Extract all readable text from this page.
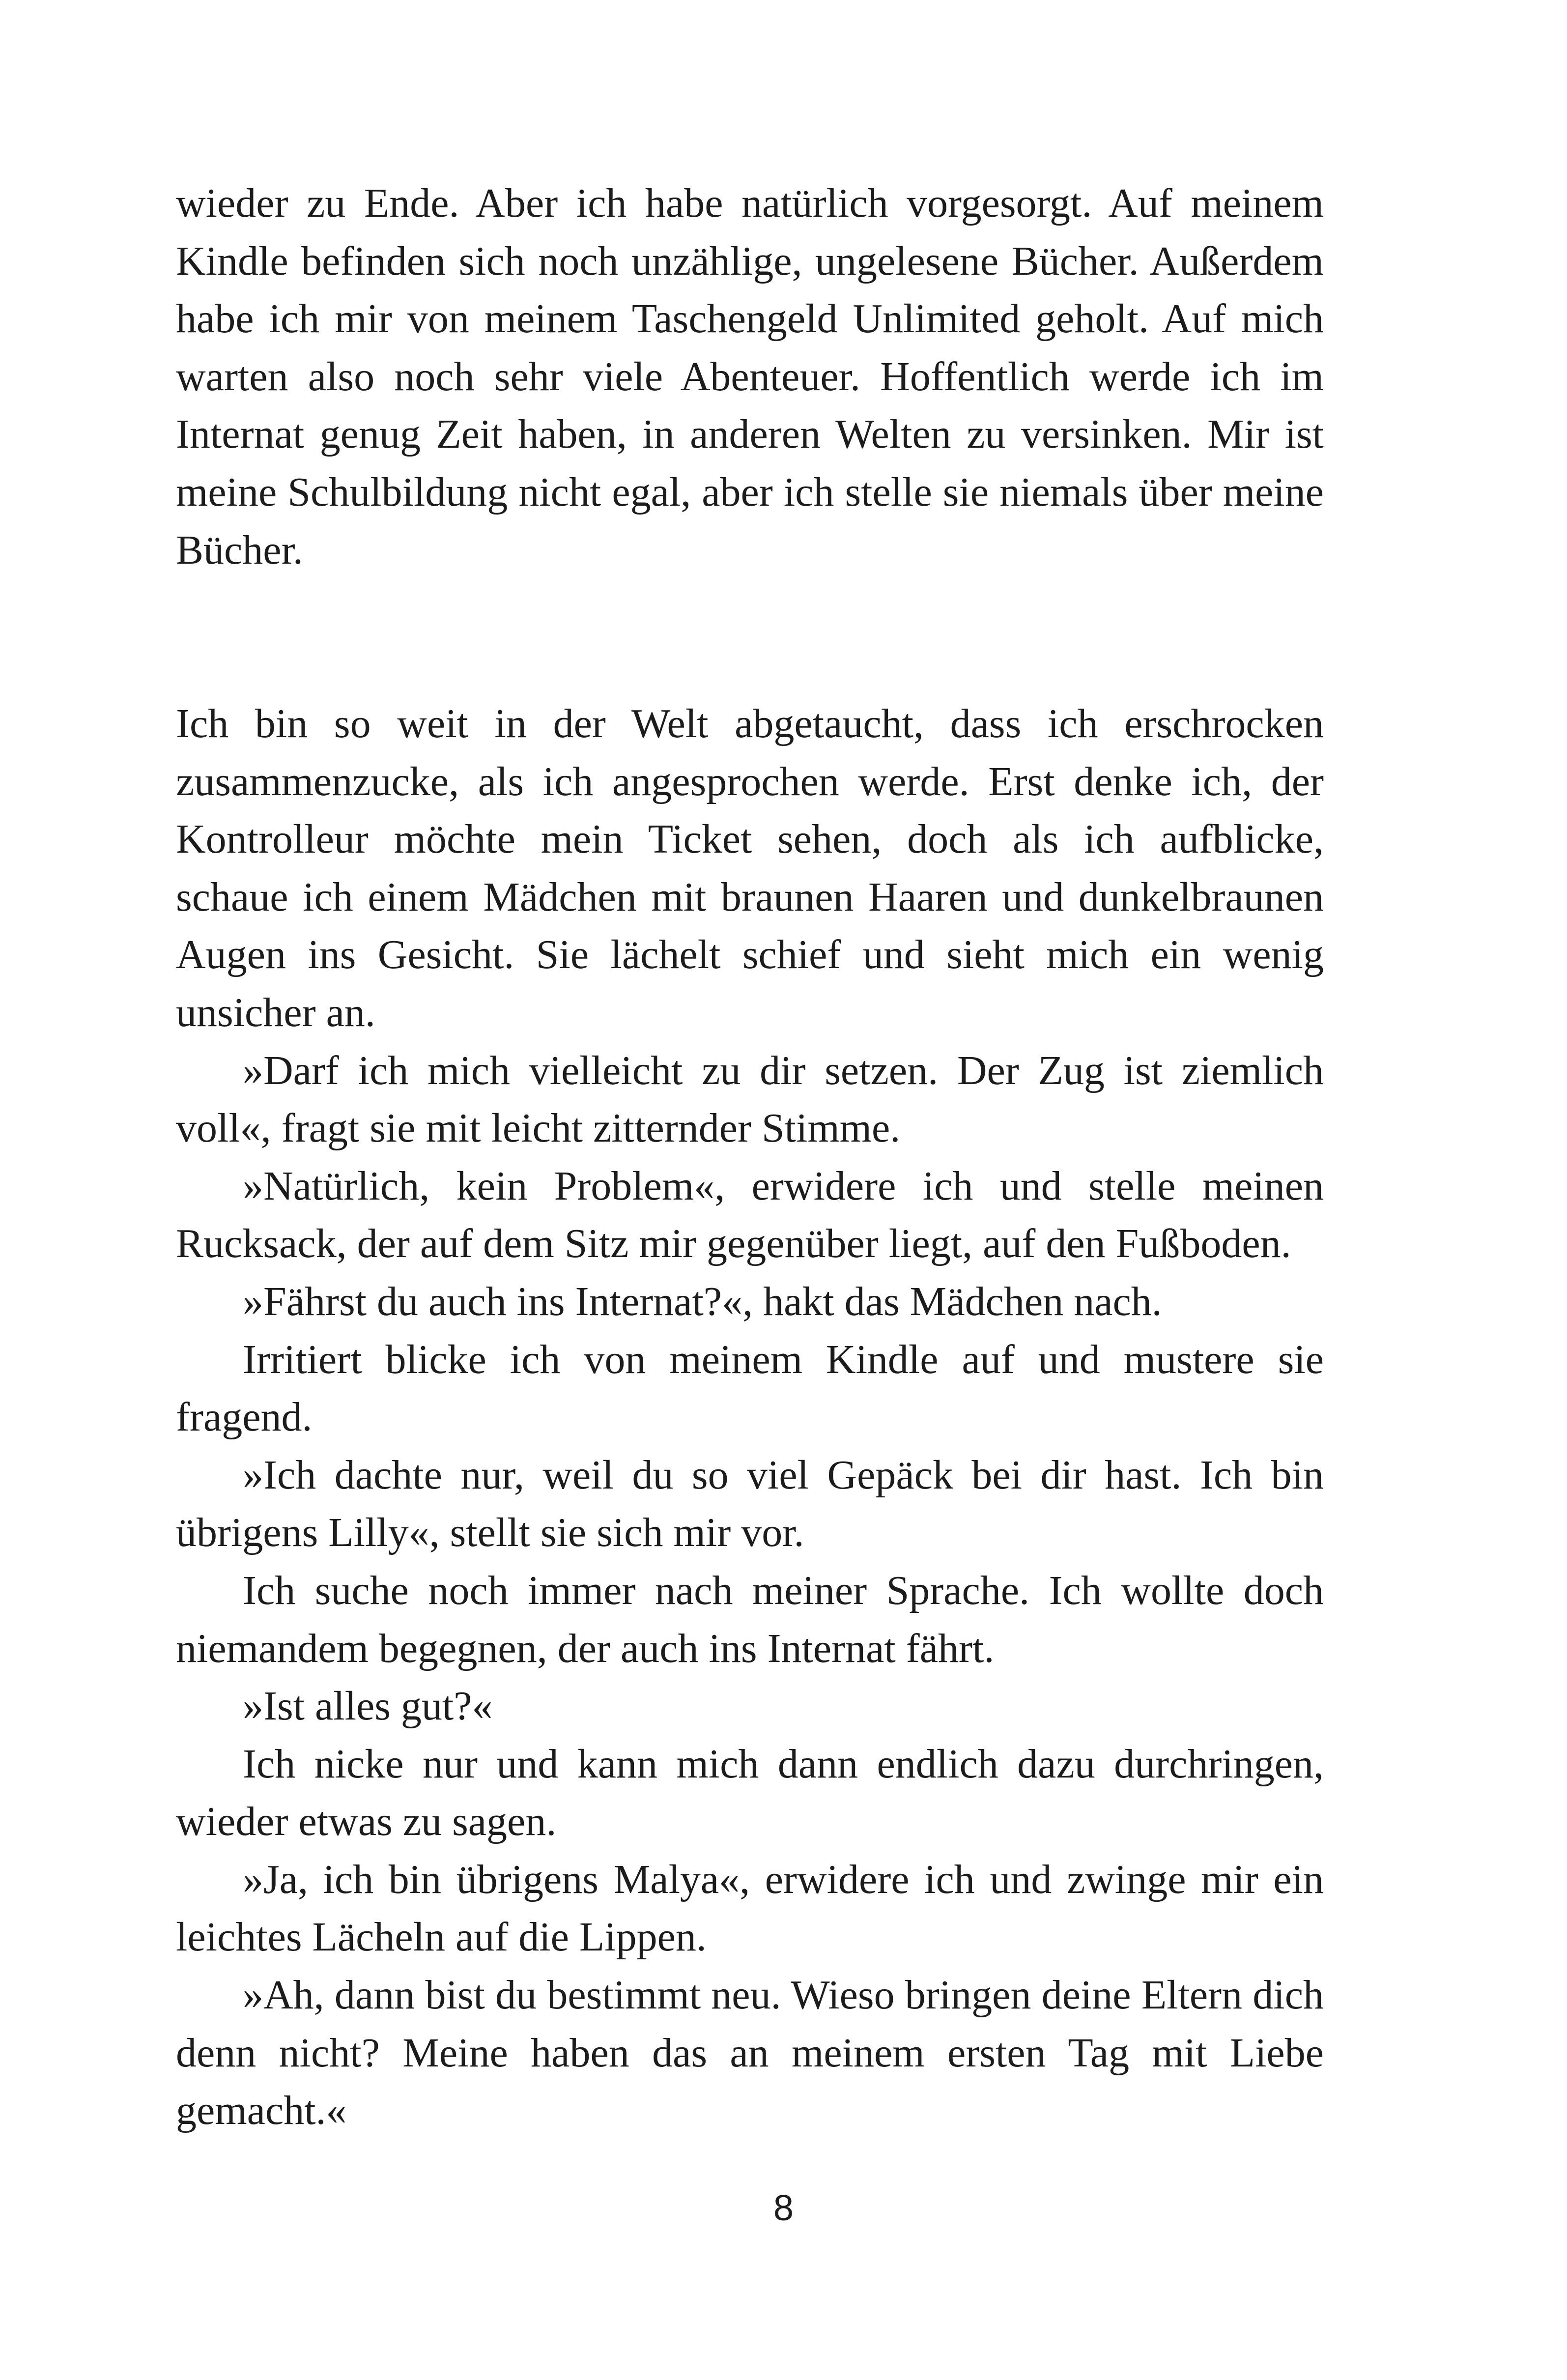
wieder zu Ende. Aber ich habe natürlich vorgesorgt. Auf meinem Kindle befinden sich noch unzählige, ungelesene Bücher. Außerdem habe ich mir von meinem Taschengeld Unlimited geholt. Auf mich warten also noch sehr viele Abenteuer. Hoffentlich werde ich im Internat genug Zeit haben, in anderen Welten zu versinken. Mir ist meine Schulbildung nicht egal, aber ich stelle sie niemals über meine Bücher.

Ich bin so weit in der Welt abgetaucht, dass ich erschrocken zusammenzucke, als ich angesprochen werde. Erst denke ich, der Kontrolleur möchte mein Ticket sehen, doch als ich aufblicke, schaue ich einem Mädchen mit braunen Haaren und dunkelbraunen Augen ins Gesicht. Sie lächelt schief und sieht mich ein wenig unsicher an.

»Darf ich mich vielleicht zu dir setzen. Der Zug ist ziemlich voll«, fragt sie mit leicht zitternder Stimme.

»Natürlich, kein Problem«, erwidere ich und stelle meinen Rucksack, der auf dem Sitz mir gegenüber liegt, auf den Fußboden.

»Fährst du auch ins Internat?«, hakt das Mädchen nach.

Irritiert blicke ich von meinem Kindle auf und mustere sie fragend.

»Ich dachte nur, weil du so viel Gepäck bei dir hast. Ich bin übrigens Lilly«, stellt sie sich mir vor.

Ich suche noch immer nach meiner Sprache. Ich wollte doch niemandem begegnen, der auch ins Internat fährt.

»Ist alles gut?«

Ich nicke nur und kann mich dann endlich dazu durchringen, wieder etwas zu sagen.

»Ja, ich bin übrigens Malya«, erwidere ich und zwinge mir ein leichtes Lächeln auf die Lippen.

»Ah, dann bist du bestimmt neu. Wieso bringen deine Eltern dich denn nicht? Meine haben das an meinem ersten Tag mit Liebe gemacht.«

8
